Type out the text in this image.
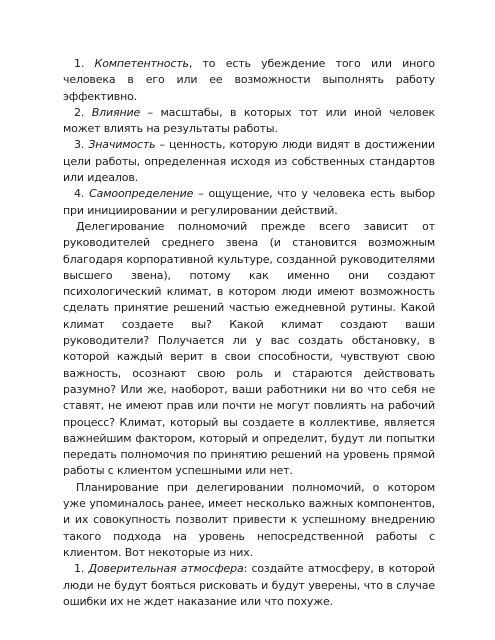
1. Компетентность, то есть убеждение того или иного человека в его или ее возможности выполнять работу эффективно.

2. Влияние – масштабы, в которых тот или иной человек может влиять на результаты работы.

3. Значимость – ценность, которую люди видят в достижении цели работы, определенная исходя из собственных стандартов или идеалов.

4. Самоопределение – ощущение, что у человека есть выбор при инициировании и регулировании действий.

Делегирование полномочий прежде всего зависит от руководителей среднего звена (и становится возможным благодаря корпоративной культуре, созданной руководителями высшего звена), потому как именно они создают психологический климат, в котором люди имеют возможность сделать принятие решений частью ежедневной рутины. Какой климат создаете вы? Какой климат создают ваши руководители? Получается ли у вас создать обстановку, в которой каждый верит в свои способности, чувствуют свою важность, осознают свою роль и стараются действовать разумно? Или же, наоборот, ваши работники ни во что себя не ставят, не имеют прав или почти не могут повлиять на рабочий процесс? Климат, который вы создаете в коллективе, является важнейшим фактором, который и определит, будут ли попытки передать полномочия по принятию решений на уровень прямой работы с клиентом успешными или нет.

Планирование при делегировании полномочий, о котором уже упоминалось ранее, имеет несколько важных компонентов, и их совокупность позволит привести к успешному внедрению такого подхода на уровень непосредственной работы с клиентом. Вот некоторые из них.

1. Доверительная атмосфера: создайте атмосферу, в которой люди не будут бояться рисковать и будут уверены, что в случае ошибки их не ждет наказание или что похуже.
